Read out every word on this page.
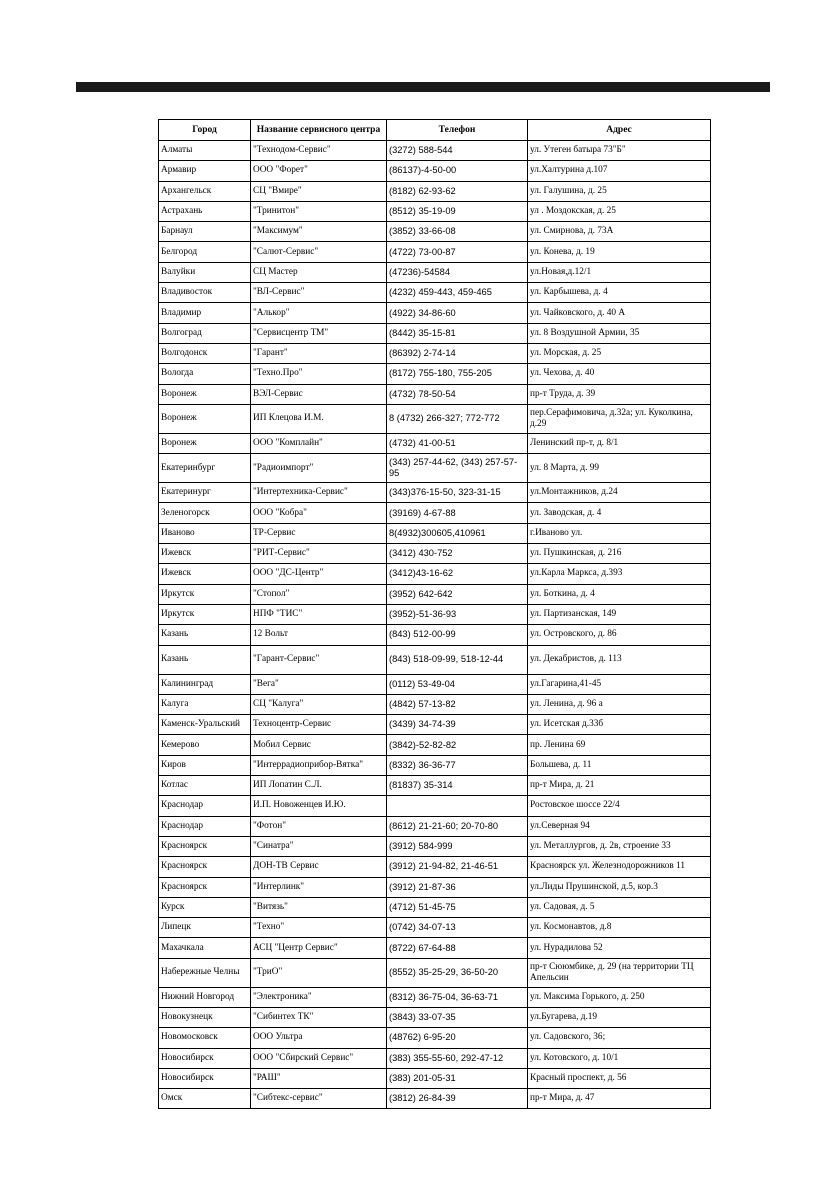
Город	Название сервисного центра	Телефон	Адрес
Алматы	"Технодом-Сервис"	(3272) 588-544	ул. Утеген батыра 73"Б"
Армавир	ООО "Форет"	(86137)-4-50-00	ул.Халтурина д.107
Архангельск	СЦ "Вмире"	(8182) 62-93-62	ул. Галушина, д. 25
Астрахань	"Тринитон"	(8512) 35-19-09	ул . Моздокская, д. 25
Барнаул	"Максимум"	(3852) 33-66-08	ул. Смирнова, д. 73А
Белгород	"Салют-Сервис"	(4722) 73-00-87	ул. Конева, д. 19
Валуйки	СЦ Мастер	(47236)-54584	ул.Новая,д.12/1
Владивосток	"ВЛ-Сервис"	(4232) 459-443, 459-465	ул. Карбышева, д. 4
Владимир	"Алькор"	(4922) 34-86-60	ул. Чайковского, д. 40 А
Волгоград	"Сервисцентр ТМ"	(8442) 35-15-81	ул. 8 Воздушной Армии, 35
Волгодонск	"Гарант"	(86392) 2-74-14	ул. Морская, д. 25
Вологда	"Техно.Про"	(8172) 755-180, 755-205	ул. Чехова, д. 40
Воронеж	ВЭЛ-Сервис	(4732) 78-50-54	пр-т Труда, д. 39
Воронеж	ИП Клецова И.М.	8 (4732) 266-327; 772-772	пер.Серафимовича, д.32а; ул. Куколкина, д.29
Воронеж	ООО "Комплайн"	(4732) 41-00-51	Ленинский пр-т, д. 8/1
Екатеринбург	"Радиоимпорт"	(343) 257-44-62, (343) 257-57-95	ул. 8 Марта, д. 99
Екатеринург	"Интертехника-Сервис"	(343)376-15-50, 323-31-15	ул.Монтажников, д.24
Зеленогорск	ООО "Кобра"	(39169) 4-67-88	ул. Заводская, д. 4
Иваново	ТР-Сервис	8(4932)300605,410961	г.Иваново ул.
Ижевск	"РИТ-Сервис"	(3412) 430-752	ул. Пушкинская, д. 216
Ижевск	ООО "ДС-Центр"	(3412)43-16-62	ул.Карла Маркса, д.393
Иркутск	"Стопол"	(3952) 642-642	ул. Боткина, д. 4
Иркутск	НПФ "ТИС"	(3952)-51-36-93	ул. Партизанская, 149
Казань	12 Вольт	(843) 512-00-99	ул. Островского, д. 86
Казань	"Гарант-Сервис"	(843) 518-09-99, 518-12-44	ул. Декабристов, д. 113
Калининград	"Вега"	(0112) 53-49-04	ул.Гагарина,41-45
Калуга	СЦ "Калуга"	(4842) 57-13-82	ул. Ленина, д. 96 а
Каменск-Уральский	Техноцентр-Сервис	(3439) 34-74-39	ул. Исетская д.33б
Кемерово	Мобил Сервис	(3842)-52-82-82	пр. Ленина 69
Киров	"Интеррадиоприбор-Вятка"	(8332) 36-36-77	Большева, д. 11
Котлас	ИП Лопатин С.Л.	(81837) 35-314	пр-т Мира, д. 21
Краснодар	И.П. Новоженцев И.Ю.		Ростовское шоссе 22/4
Краснодар	"Фотон"	(8612) 21-21-60; 20-70-80	ул.Северная 94
Красноярск	"Синатра"	(3912) 584-999	ул. Металлургов, д. 2в, строение 33
Красноярск	ДОН-ТВ Сервис	(3912) 21-94-82, 21-46-51	Красноярск ул. Железнодорожников 11
Красноярск	"Интерлинк"	(3912) 21-87-36	ул.Лиды Прушинской, д.5, кор.3
Курск	"Витязь"	(4712) 51-45-75	ул. Садовая, д. 5
Липецк	"Техно"	(0742) 34-07-13	ул. Космонавтов, д.8
Махачкала	АСЦ "Центр Сервис"	(8722) 67-64-88	ул. Нурадилова 52
Набережные Челны	"ТриО"	(8552) 35-25-29, 36-50-20	пр-т Сююмбике, д. 29 (на территории ТЦ Апельсин
Нижний Новгород	"Электроника"	(8312) 36-75-04, 36-63-71	ул. Максима Горького, д. 250
Новокузнецк	"Сибинтех ТК"	(3843) 33-07-35	ул.Бугарева, д.19
Новомосковск	ООО Ультра	(48762) 6-95-20	ул. Садовского, 36;
Новосибирск	ООО "Сбирский Сервис"	(383) 355-55-60, 292-47-12	ул. Котовского, д. 10/1
Новосибирск	"РАШ"	(383) 201-05-31	Красный проспект, д. 56
Омск	"Сибтекс-сервис"	(3812) 26-84-39	пр-т Мира, д. 47
